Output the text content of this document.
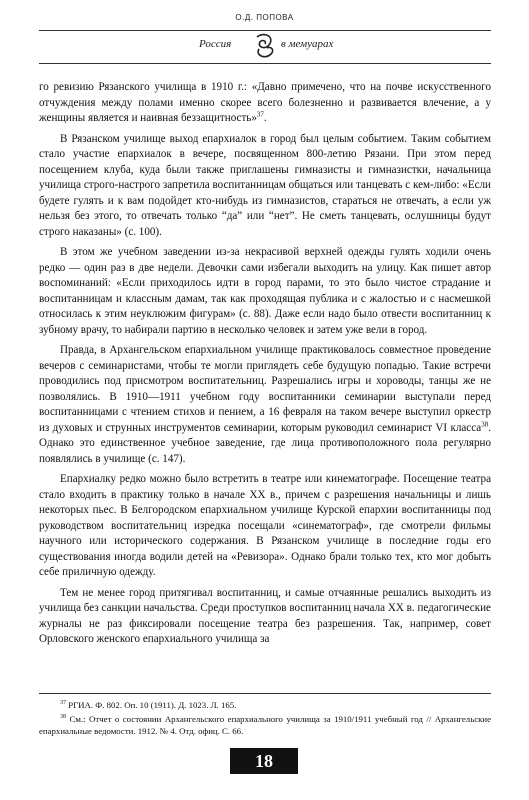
О.Д. ПОПОВА
Россия	в мемуарах

го ревизию Рязанского училища в 1910 г.: «Давно примечено, что на почве искусственного отчуждения между полами именно скорее всего болезненно и развивается влечение, а у женщины является и наивная беззащитность»$^{37}$.

В Рязанском училище выход епархиалок в город был целым событием. Таким событием стало участие епархиалок в вечере, посвященном 800-летию Рязани. При этом перед посещением клуба, куда были также приглашены гимназисты и гимназистки, начальница училища строго-настрого запретила воспитанницам общаться или танцевать с кем-либо: «Если будете гулять и к вам подойдет кто-нибудь из гимназистов, стараться не отвечать, а если уж нельзя без этого, то отвечать только “да” или “нет”. Не сметь танцевать, ослушницы будут строго наказаны» (с. 100).

В этом же учебном заведении из-за некрасивой верхней одежды гулять ходили очень редко — один раз в две недели. Девочки сами избегали выходить на улицу. Как пишет автор воспоминаний: «Если приходилось идти в город парами, то это было чистое страдание и воспитанницам и классным дамам, так как проходящая публика и с жалостью и с насмешкой относилась к этим неуклюжим фигурам» (с. 88). Даже если надо было отвести воспитанниц к зубному врачу, то набирали партию в несколько человек и затем уже вели в город.

Правда, в Архангельском епархиальном училище практиковалось совместное проведение вечеров с семинаристами, чтобы те могли приглядеть себе будущую попадью. Такие встречи проводились под присмотром воспитательниц. Разрешались игры и хороводы, танцы же не позволялись. В 1910—1911 учебном году воспитанники семинарии выступали перед воспитанницами с чтением стихов и пением, а 16 февраля на таком вечере выступил оркестр из духовых и струнных инструментов семинарии, которым руководил семинарист VI класса$^{38}$. Однако это единственное учебное заведение, где лица противоположного пола регулярно появлялись в училище (с. 147).

Епархиалку редко можно было встретить в театре или кинематографе. Посещение театра стало входить в практику только в начале XX в., причем с разрешения начальницы и лишь некоторых пьес. В Белгородском епархиальном училище Курской епархии воспитанницы под руководством воспитательниц изредка посещали «синематограф», где смотрели фильмы научного или исторического содержания. В Рязанском училище в последние годы его существования иногда водили детей на «Ревизора». Однако брали только тех, кто мог добыть себе приличную одежду.

Тем не менее город притягивал воспитанниц, и самые отчаянные решались выходить из училища без санкции начальства. Среди проступков воспитанниц начала XX в. педагогические журналы не раз фиксировали посещение театра без разрешения. Так, например, совет Орловского женского епархиального училища за

$^{37}$ РГИА. Ф. 802. Оп. 10 (1911). Д. 1023. Л. 165.

$^{38}$ См.: Отчет о состоянии Архангельского епархиального училища за 1910/1911 учебный год // Архангельские епархиальные ведомости. 1912. № 4. Отд. офиц. С. 66.

18
